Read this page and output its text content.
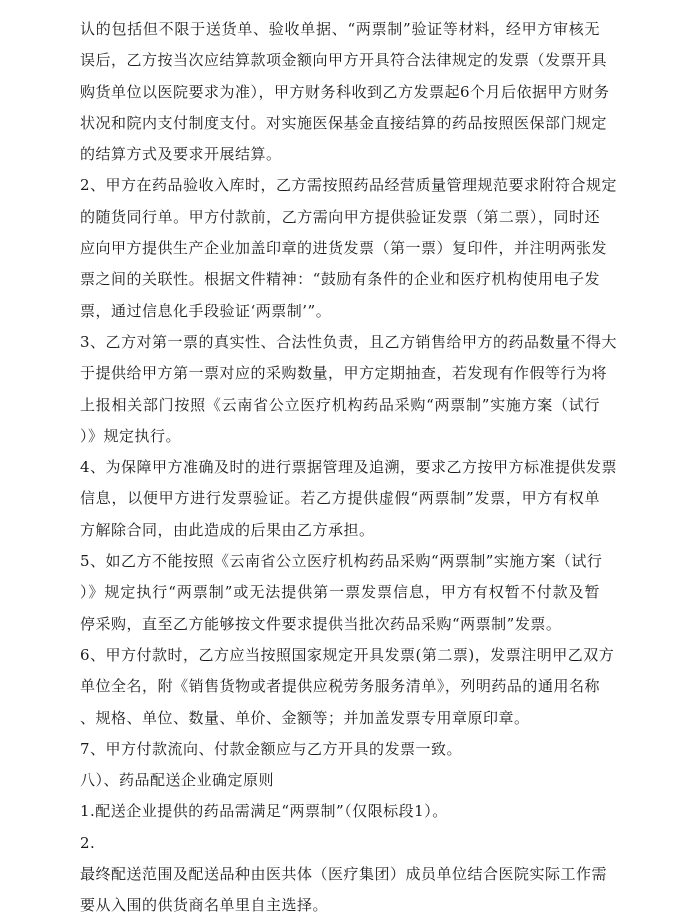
认的包括但不限于送货单、验收单据、“两票制”验证等材料，经甲方审核无
误后，乙方按当次应结算款项金额向甲方开具符合法律规定的发票（发票开具
购货单位以医院要求为准），甲方财务科收到乙方发票起6个月后依据甲方财务
状况和院内支付制度支付。对实施医保基金直接结算的药品按照医保部门规定
的结算方式及要求开展结算。
2、甲方在药品验收入库时，乙方需按照药品经营质量管理规范要求附符合规定
的随货同行单。甲方付款前，乙方需向甲方提供验证发票（第二票），同时还
应向甲方提供生产企业加盖印章的进货发票（第一票）复印件，并注明两张发
票之间的关联性。根据文件精神：“鼓励有条件的企业和医疗机构使用电子发
票，通过信息化手段验证‘两票制’”。
3、乙方对第一票的真实性、合法性负责，且乙方销售给甲方的药品数量不得大
于提供给甲方第一票对应的采购数量，甲方定期抽查，若发现有作假等行为将
上报相关部门按照《云南省公立医疗机构药品采购“两票制”实施方案（试行
）》规定执行。
4、为保障甲方准确及时的进行票据管理及追溯，要求乙方按甲方标准提供发票
信息，以便甲方进行发票验证。若乙方提供虚假“两票制”发票，甲方有权单
方解除合同，由此造成的后果由乙方承担。
5、如乙方不能按照《云南省公立医疗机构药品采购“两票制”实施方案（试行
）》规定执行“两票制”或无法提供第一票发票信息，甲方有权暂不付款及暂
停采购，直至乙方能够按文件要求提供当批次药品采购“两票制”发票。
6、甲方付款时，乙方应当按照国家规定开具发票(第二票)，发票注明甲乙双方
单位全名，附《销售货物或者提供应税劳务服务清单》，列明药品的通用名称
、规格、单位、数量、单价、金额等；并加盖发票专用章原印章。
7、甲方付款流向、付款金额应与乙方开具的发票一致。
八）、药品配送企业确定原则
1.配送企业提供的药品需满足“两票制”（仅限标段1）。
2.
最终配送范围及配送品种由医共体（医疗集团）成员单位结合医院实际工作需
要从入围的供货商名单里自主选择。
